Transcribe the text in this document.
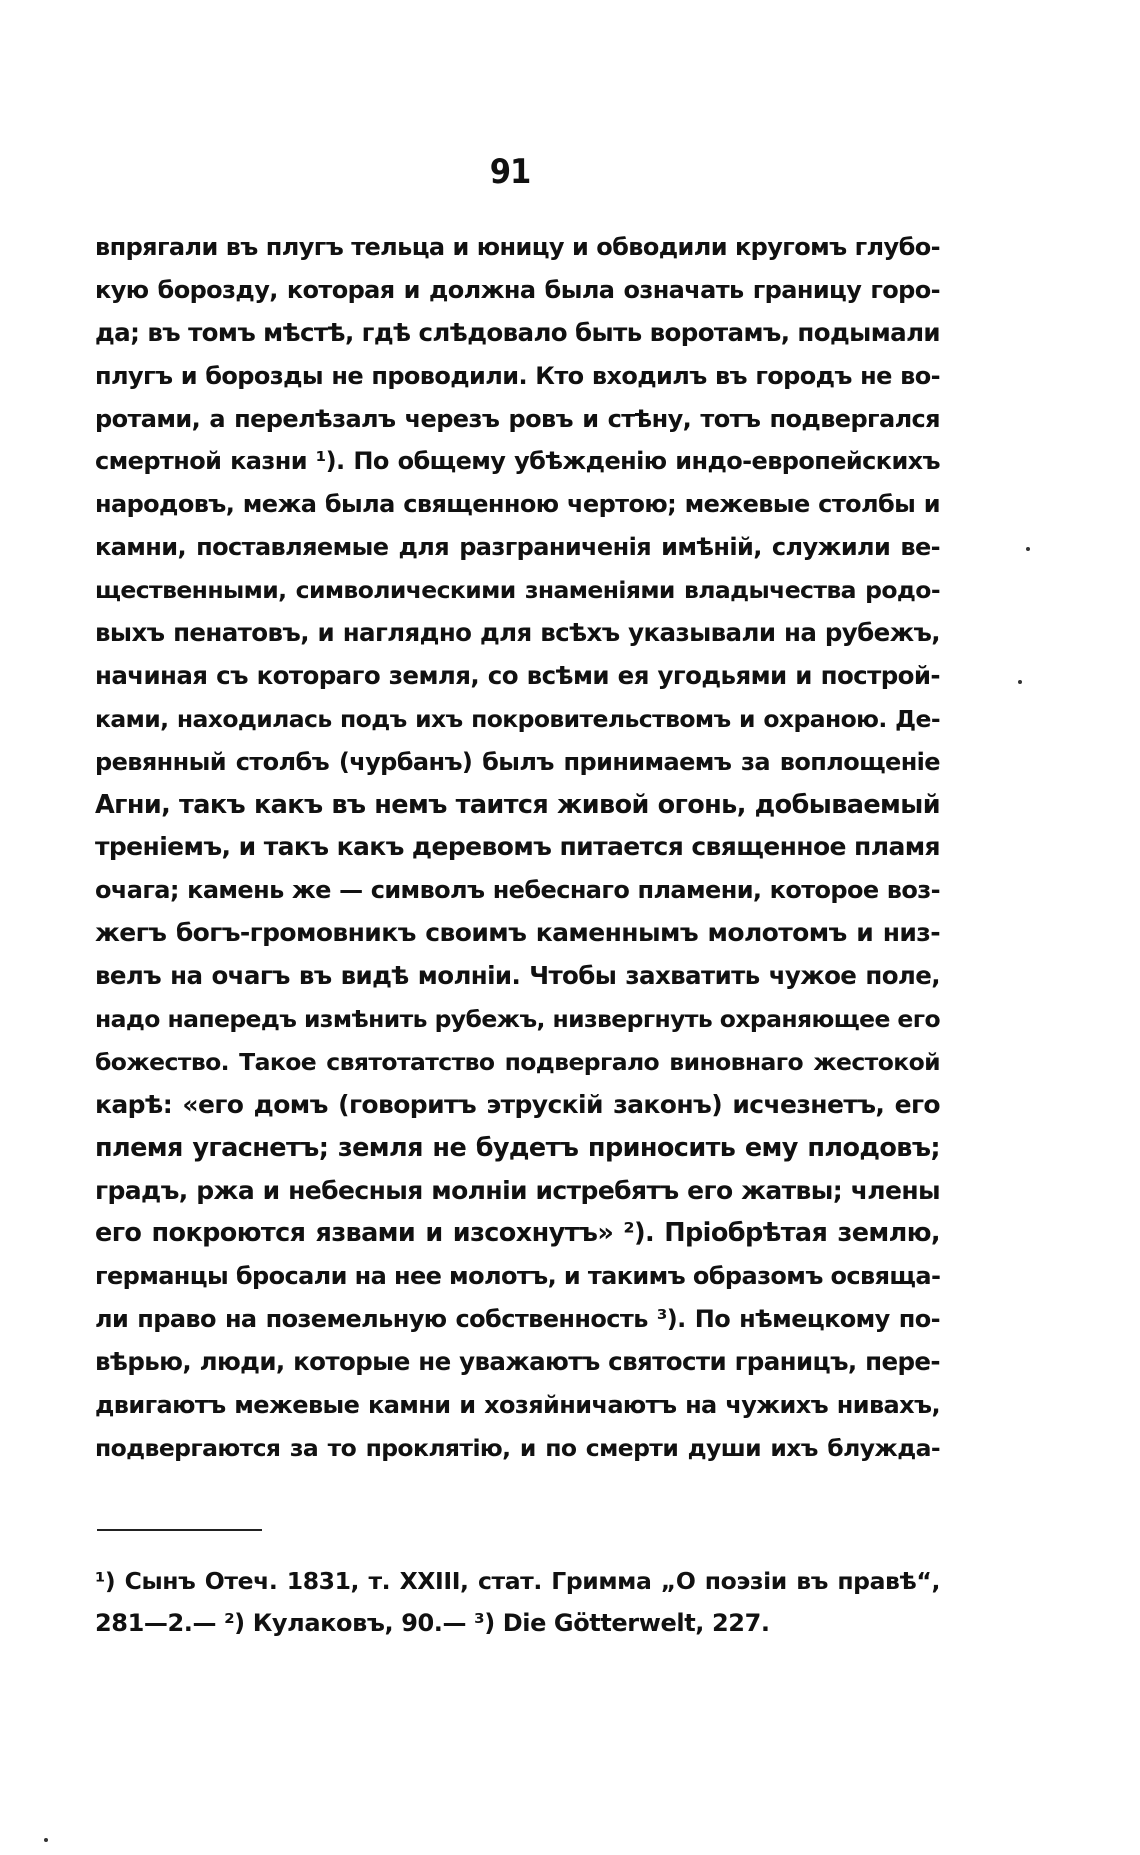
91
впрягали въ плугъ тельца и юницу и обводили кругомъ глубо-
кую борозду, которая и должна была означать границу горо-
да; въ томъ мѣстѣ, гдѣ слѣдовало быть воротамъ, подымали
плугъ и борозды не проводили. Кто входилъ въ городъ не во-
ротами, а перелѣзалъ черезъ ровъ и стѣну, тотъ подвергался
смертной казни ¹). По общему убѣжденію индо-европейскихъ
народовъ, межа была священною чертою; межевые столбы и
камни, поставляемые для разграниченія имѣній, служили ве-
щественными, символическими знаменіями владычества родо-
выхъ пенатовъ, и наглядно для всѣхъ указывали на рубежъ,
начиная съ котораго земля, со всѣми ея угодьями и построй-
ками, находилась подъ ихъ покровительствомъ и охраною. Де-
ревянный столбъ (чурбанъ) былъ принимаемъ за воплощеніе
Агни, такъ какъ въ немъ таится живой огонь, добываемый
треніемъ, и такъ какъ деревомъ питается священное пламя
очага; камень же — символъ небеснаго пламени, которое воз-
жегъ богъ-громовникъ своимъ каменнымъ молотомъ и низ-
велъ на очагъ въ видѣ молніи. Чтобы захватить чужое поле,
надо напередъ измѣнить рубежъ, низвергнуть охраняющее его
божество. Такое святотатство подвергало виновнаго жестокой
карѣ: «его домъ (говоритъ этрускій законъ) исчезнетъ, его
племя угаснетъ; земля не будетъ приносить ему плодовъ;
градъ, ржа и небесныя молніи истребятъ его жатвы; члены
его покроются язвами и изсохнутъ» ²). Пріобрѣтая землю,
германцы бросали на нее молотъ, и такимъ образомъ освяща-
ли право на поземельную собственность ³). По нѣмецкому по-
вѣрью, люди, которые не уважаютъ святости границъ, пере-
двигаютъ межевые камни и хозяйничаютъ на чужихъ нивахъ,
подвергаются за то проклятію, и по смерти души ихъ блужда-
¹) Сынъ Отеч. 1831, т. XXIII, стат. Гримма „О поэзіи въ правѣ“,
281—2.— ²) Кулаковъ, 90.— ³) Die Götterwelt, 227.
